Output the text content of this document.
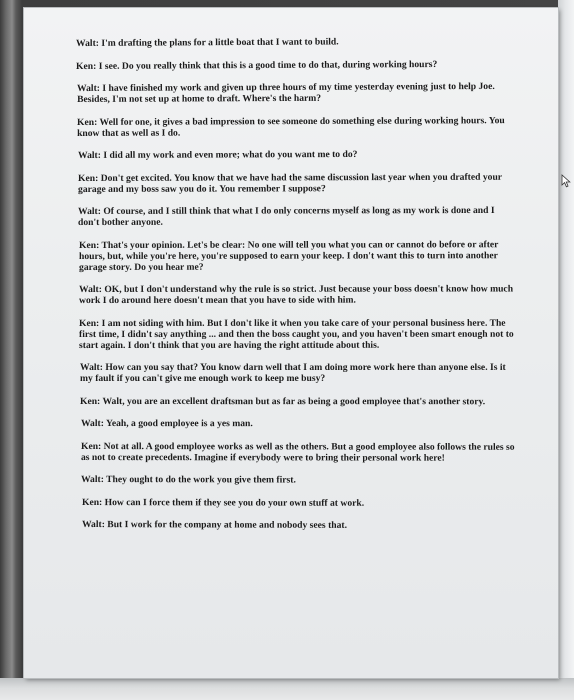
Walt: I'm drafting the plans for a little boat that I want to build.

Ken: I see. Do you really think that this is a good time to do that, during working hours?

Walt: I have finished my work and given up three hours of my time yesterday evening just to help Joe. Besides, I'm not set up at home to draft. Where's the harm?

Ken: Well for one, it gives a bad impression to see someone do something else during working hours. You know that as well as I do.

Walt: I did all my work and even more; what do you want me to do?

Ken: Don't get excited. You know that we have had the same discussion last year when you drafted your garage and my boss saw you do it. You remember I suppose?

Walt: Of course, and I still think that what I do only concerns myself as long as my work is done and I don't bother anyone.

Ken: That's your opinion. Let's be clear: No one will tell you what you can or cannot do before or after hours, but, while you're here, you're supposed to earn your keep. I don't want this to turn into another garage story. Do you hear me?

Walt: OK, but I don't understand why the rule is so strict. Just because your boss doesn't know how much work I do around here doesn't mean that you have to side with him.

Ken: I am not siding with him. But I don't like it when you take care of your personal business here. The first time, I didn't say anything ... and then the boss caught you, and you haven't been smart enough not to start again. I don't think that you are having the right attitude about this.

Walt: How can you say that? You know darn well that I am doing more work here than anyone else. Is it my fault if you can't give me enough work to keep me busy?

Ken: Walt, you are an excellent draftsman but as far as being a good employee that's another story.

Walt: Yeah, a good employee is a yes man.

Ken: Not at all. A good employee works as well as the others. But a good employee also follows the rules so as not to create precedents. Imagine if everybody were to bring their personal work here!

Walt: They ought to do the work you give them first.

Ken: How can I force them if they see you do your own stuff at work.

Walt: But I work for the company at home and nobody sees that.
